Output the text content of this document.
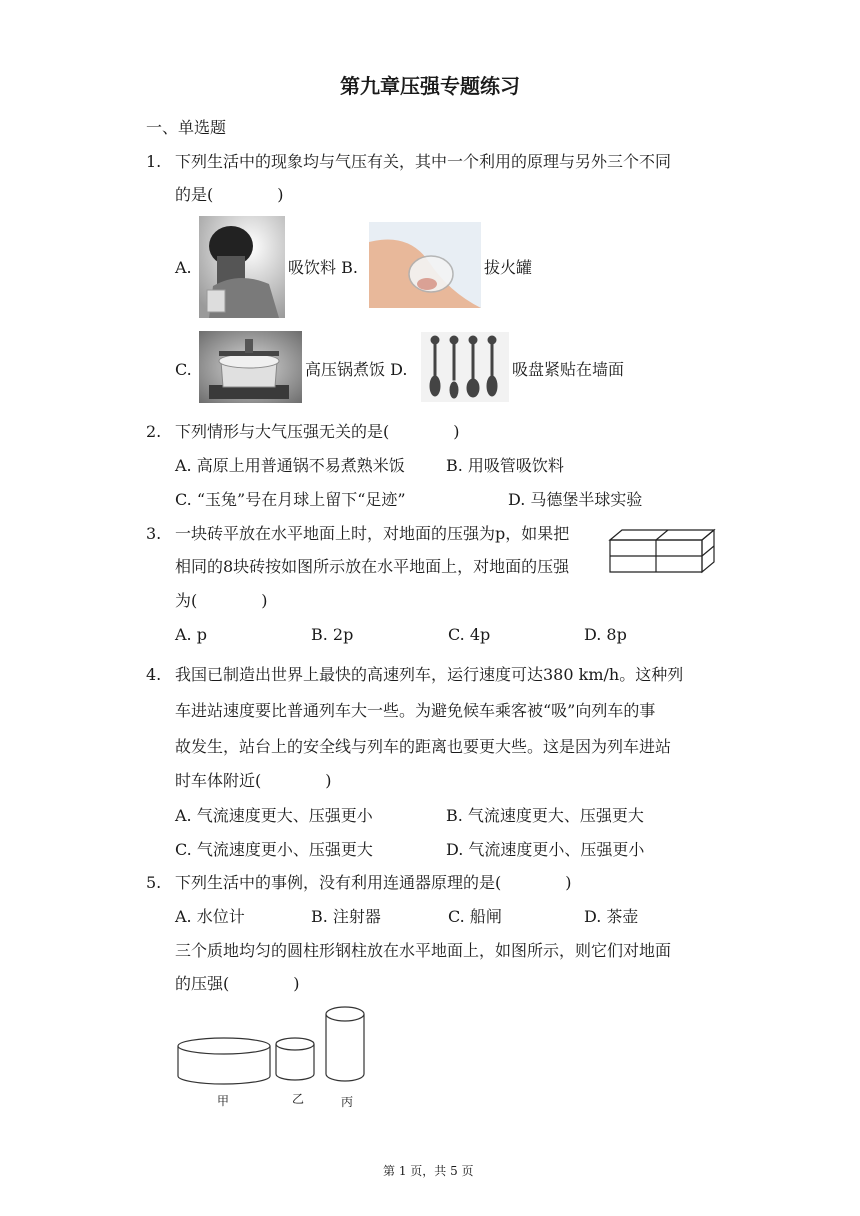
第九章压强专题练习
一、单选题
1. 下列生活中的现象均与气压有关，其中一个利用的原理与另外三个不同
的是(　　　　)
A.	吸饮料 B.	拔火罐
C.	高压锅煮饭 D.	吸盘紧贴在墙面
2. 下列情形与大气压强无关的是(　　　　)
A. 高原上用普通锅不易煮熟米饭	B. 用吸管吸饮料
C. “玉兔”号在月球上留下“足迹”	D. 马德堡半球实验
3. 一块砖平放在水平地面上时，对地面的压强为p，如果把
相同的8块砖按如图所示放在水平地面上，对地面的压强
为(　　　　)
A. p	B. 2p	C. 4p	D. 8p
4. 我国已制造出世界上最快的高速列车，运行速度可达380 km/h。这种列
车进站速度要比普通列车大一些。为避免候车乘客被“吸”向列车的事
故发生，站台上的安全线与列车的距离也要更大些。这是因为列车进站
时车体附近(　　　　)
A. 气流速度更大、压强更小	B. 气流速度更大、压强更大
C. 气流速度更小、压强更大	D. 气流速度更小、压强更小
5. 下列生活中的事例，没有利用连通器原理的是(　　　　)
A. 水位计	B. 注射器	C. 船闸	D. 茶壶
三个质地均匀的圆柱形钢柱放在水平地面上，如图所示，则它们对地面
的压强(　　　　)
甲	乙	丙
第 1 页，共 5 页
